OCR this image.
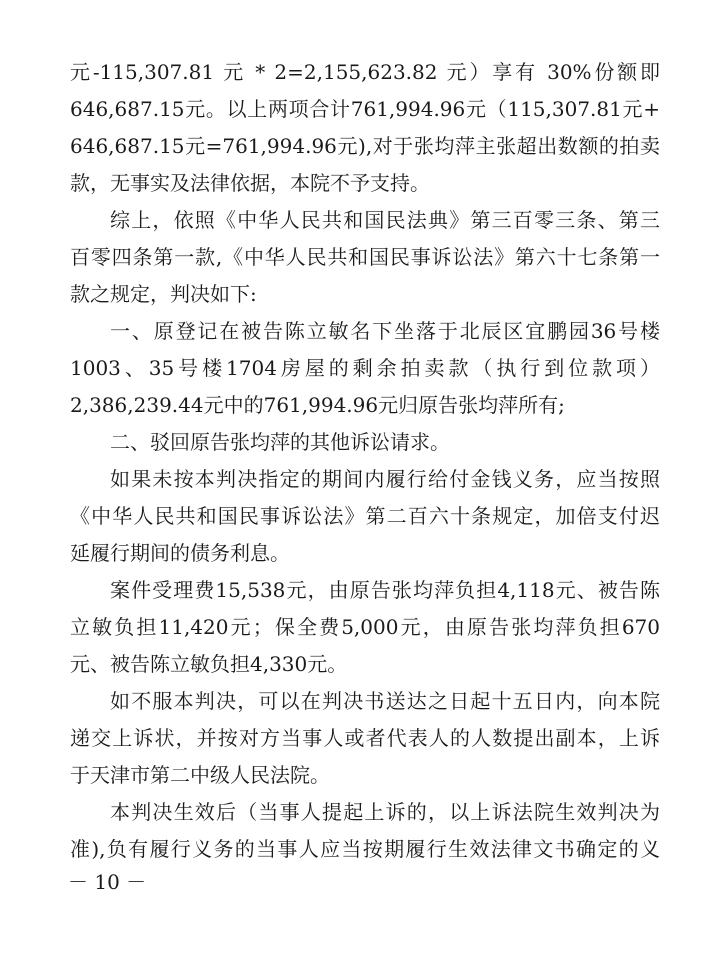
元-115,307.81 元 * 2=2,155,623.82 元）享有 30%份额即
646,687.15元。以上两项合计761,994.96元（115,307.81元+
646,687.15元=761,994.96元),对于张均萍主张超出数额的拍卖
款，无事实及法律依据，本院不予支持。
综上，依照《中华人民共和国民法典》第三百零三条、第三
百零四条第一款,《中华人民共和国民事诉讼法》第六十七条第一
款之规定，判决如下:
一、原登记在被告陈立敏名下坐落于北辰区宜鹏园36号楼
1003、35号楼1704房屋的剩余拍卖款（执行到位款项）
2,386,239.44元中的761,994.96元归原告张均萍所有;
二、驳回原告张均萍的其他诉讼请求。
如果未按本判决指定的期间内履行给付金钱义务，应当按照
《中华人民共和国民事诉讼法》第二百六十条规定，加倍支付迟
延履行期间的债务利息。
案件受理费15,538元，由原告张均萍负担4,118元、被告陈
立敏负担11,420元；保全费5,000元，由原告张均萍负担670
元、被告陈立敏负担4,330元。
如不服本判决，可以在判决书送达之日起十五日内，向本院
递交上诉状，并按对方当事人或者代表人的人数提出副本，上诉
于天津市第二中级人民法院。
本判决生效后（当事人提起上诉的，以上诉法院生效判决为
准),负有履行义务的当事人应当按期履行生效法律文书确定的义
－ 10 －
